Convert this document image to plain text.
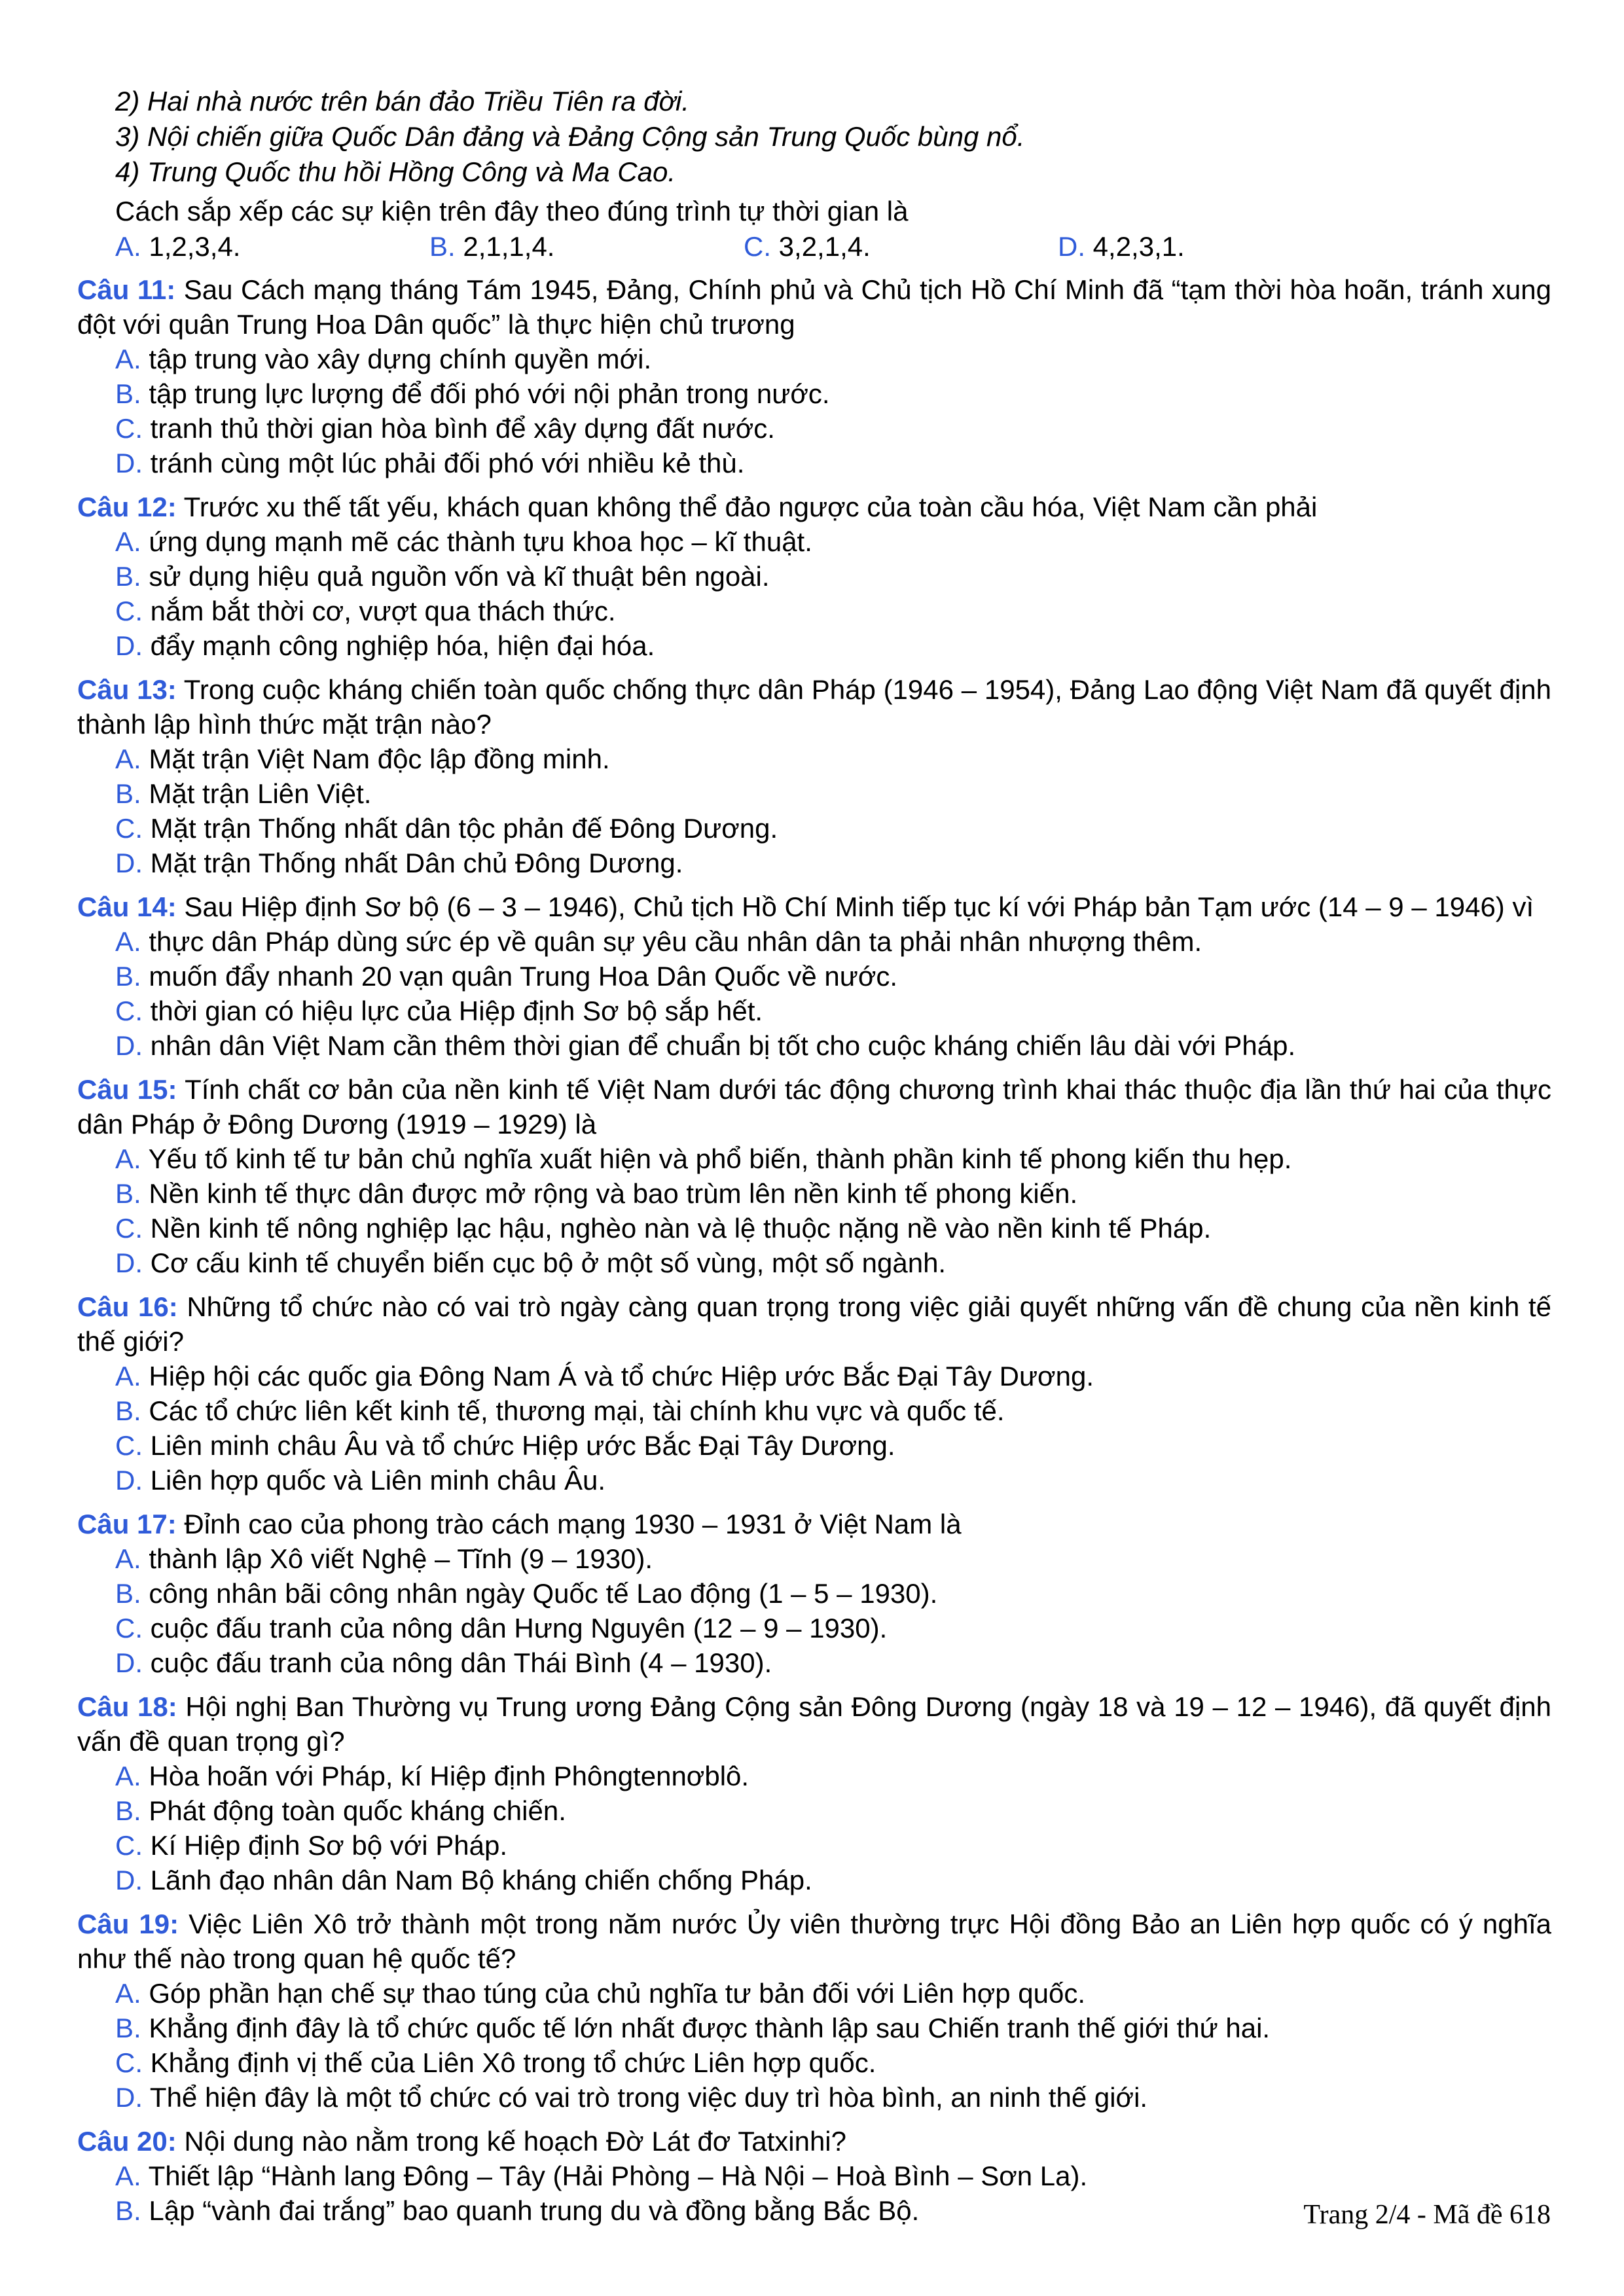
2) Hai nhà nước trên bán đảo Triều Tiên ra đời.
3) Nội chiến giữa Quốc Dân đảng và Đảng Cộng sản Trung Quốc bùng nổ.
4) Trung Quốc thu hồi Hồng Công và Ma Cao.
Cách sắp xếp các sự kiện trên đây theo đúng trình tự thời gian là
A. 1,2,3,4.	B. 2,1,1,4.	C. 3,2,1,4.	D. 4,2,3,1.
Câu 11: Sau Cách mạng tháng Tám 1945, Đảng, Chính phủ và Chủ tịch Hồ Chí Minh đã “tạm thời hòa hoãn, tránh xung đột với quân Trung Hoa Dân quốc” là thực hiện chủ trương
A. tập trung vào xây dựng chính quyền mới.
B. tập trung lực lượng để đối phó với nội phản trong nước.
C. tranh thủ thời gian hòa bình để xây dựng đất nước.
D. tránh cùng một lúc phải đối phó với nhiều kẻ thù.
Câu 12: Trước xu thế tất yếu, khách quan không thể đảo ngược của toàn cầu hóa, Việt Nam cần phải
A. ứng dụng mạnh mẽ các thành tựu khoa học – kĩ thuật.
B. sử dụng hiệu quả nguồn vốn và kĩ thuật bên ngoài.
C. nắm bắt thời cơ, vượt qua thách thức.
D. đẩy mạnh công nghiệp hóa, hiện đại hóa.
Câu 13: Trong cuộc kháng chiến toàn quốc chống thực dân Pháp (1946 – 1954), Đảng Lao động Việt Nam đã quyết định thành lập hình thức mặt trận nào?
A. Mặt trận Việt Nam độc lập đồng minh.
B. Mặt trận Liên Việt.
C. Mặt trận Thống nhất dân tộc phản đế Đông Dương.
D. Mặt trận Thống nhất Dân chủ Đông Dương.
Câu 14: Sau Hiệp định Sơ bộ (6 – 3 – 1946), Chủ tịch Hồ Chí Minh tiếp tục kí với Pháp bản Tạm ước (14 – 9 – 1946) vì
A. thực dân Pháp dùng sức ép về quân sự yêu cầu nhân dân ta phải nhân nhượng thêm.
B. muốn đẩy nhanh 20 vạn quân Trung Hoa Dân Quốc về nước.
C. thời gian có hiệu lực của Hiệp định Sơ bộ sắp hết.
D. nhân dân Việt Nam cần thêm thời gian để chuẩn bị tốt cho cuộc kháng chiến lâu dài với Pháp.
Câu 15: Tính chất cơ bản của nền kinh tế Việt Nam dưới tác động chương trình khai thác thuộc địa lần thứ hai của thực dân Pháp ở Đông Dương (1919 – 1929) là
A. Yếu tố kinh tế tư bản chủ nghĩa xuất hiện và phổ biến, thành phần kinh tế phong kiến thu hẹp.
B. Nền kinh tế thực dân được mở rộng và bao trùm lên nền kinh tế phong kiến.
C. Nền kinh tế nông nghiệp lạc hậu, nghèo nàn và lệ thuộc nặng nề vào nền kinh tế Pháp.
D. Cơ cấu kinh tế chuyển biến cục bộ ở một số vùng, một số ngành.
Câu 16: Những tổ chức nào có vai trò ngày càng quan trọng trong việc giải quyết những vấn đề chung của nền kinh tế thế giới?
A. Hiệp hội các quốc gia Đông Nam Á và tổ chức Hiệp ước Bắc Đại Tây Dương.
B. Các tổ chức liên kết kinh tế, thương mại, tài chính khu vực và quốc tế.
C. Liên minh châu Âu và tổ chức Hiệp ước Bắc Đại Tây Dương.
D. Liên hợp quốc và Liên minh châu Âu.
Câu 17: Đỉnh cao của phong trào cách mạng 1930 – 1931 ở Việt Nam là
A. thành lập Xô viết Nghệ – Tĩnh (9 – 1930).
B. công nhân bãi công nhân ngày Quốc tế Lao động (1 – 5 – 1930).
C. cuộc đấu tranh của nông dân Hưng Nguyên (12 – 9 – 1930).
D. cuộc đấu tranh của nông dân Thái Bình (4 – 1930).
Câu 18: Hội nghị Ban Thường vụ Trung ương Đảng Cộng sản Đông Dương (ngày 18 và 19 – 12 – 1946), đã quyết định vấn đề quan trọng gì?
A. Hòa hoãn với Pháp, kí Hiệp định Phôngtennơblô.
B. Phát động toàn quốc kháng chiến.
C. Kí Hiệp định Sơ bộ với Pháp.
D. Lãnh đạo nhân dân Nam Bộ kháng chiến chống Pháp.
Câu 19: Việc Liên Xô trở thành một trong năm nước Ủy viên thường trực Hội đồng Bảo an Liên hợp quốc có ý nghĩa như thế nào trong quan hệ quốc tế?
A. Góp phần hạn chế sự thao túng của chủ nghĩa tư bản đối với Liên hợp quốc.
B. Khẳng định đây là tổ chức quốc tế lớn nhất được thành lập sau Chiến tranh thế giới thứ hai.
C. Khẳng định vị thế của Liên Xô trong tổ chức Liên hợp quốc.
D. Thể hiện đây là một tổ chức có vai trò trong việc duy trì hòa bình, an ninh thế giới.
Câu 20: Nội dung nào nằm trong kế hoạch Đờ Lát đơ Tatxinhi?
A. Thiết lập “Hành lang Đông – Tây (Hải Phòng – Hà Nội – Hoà Bình – Sơn La).
B. Lập “vành đai trắng” bao quanh trung du và đồng bằng Bắc Bộ.	Trang 2/4 - Mã đề 618
